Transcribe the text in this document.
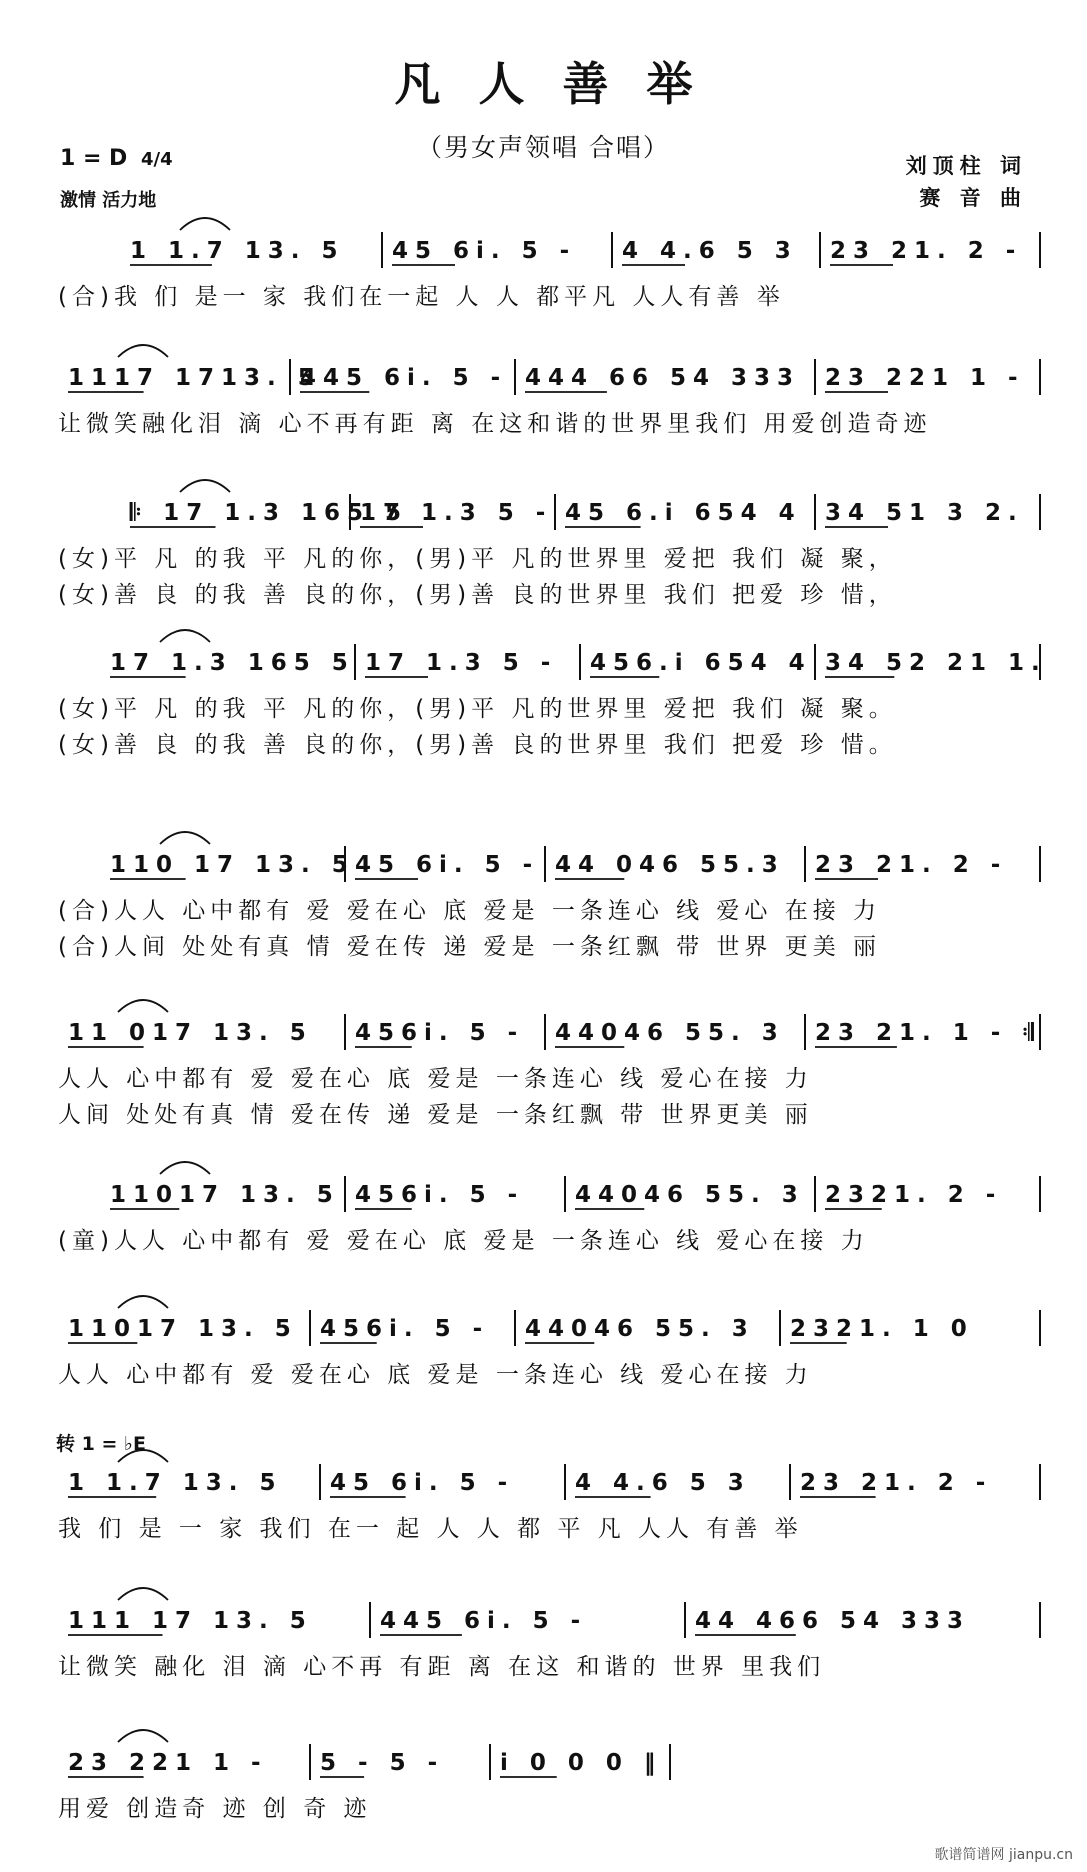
凡人善举
（男女声领唱 合唱）
1 = D 4/4
激情 活力地
刘顶柱 词
赛 音 曲
转 1 = ♭E
1 1.7 13. 5 45 6i. 5 - 4 4.6 5 3 23 21. 2 -
(合)我 们 是一 家 我们在一起 人 人 都平凡 人人有善 举
1117 1713. 5
445 6i. 5 - 444 66 54 333 23 221 1 -
让微笑融化泪 滴 心不再有距 离 在这和谐的世界里我们 用爱创造奇迹
𝄆 17 1.3 165 5
17 1.3 5 - 45 6.i 654 4 34 51 3 2.
(女)平 凡 的我 平 凡的你，(男)平 凡的世界里 爱把 我们 凝 聚，
(女)善 良 的我 善 良的你，(男)善 良的世界里 我们 把爱 珍 惜，
17 1.3 165 5 17 1.3 5 - 456.i 654 4 34 52 21 1.
(女)平 凡 的我 平 凡的你，(男)平 凡的世界里 爱把 我们 凝 聚。
(女)善 良 的我 善 良的你，(男)善 良的世界里 我们 把爱 珍 惜。
110 17 13. 5 45 6i. 5 - 44 046 55.3 23 21. 2 -
(合)人人 心中都有 爱 爱在心 底 爱是 一条连心 线 爱心 在接 力
(合)人间 处处有真 情 爱在传 递 爱是 一条红飘 带 世界 更美 丽
11 017 13. 5 456i. 5 - 44046 55. 3 23 21. 1 - 𝄇
人人 心中都有 爱 爱在心 底 爱是 一条连心 线 爱心在接 力
人间 处处有真 情 爱在传 递 爱是 一条红飘 带 世界更美 丽
11017 13. 5 456i. 5 - 44046 55. 3 2321. 2 -
(童)人人 心中都有 爱 爱在心 底 爱是 一条连心 线 爱心在接 力
11017 13. 5 456i. 5 - 44046 55. 3 2321. 1 0
人人 心中都有 爱 爱在心 底 爱是 一条连心 线 爱心在接 力
1 1.7 13. 5 45 6i. 5 -	4 4.6 5 3 23 21. 2 -
我 们 是 一 家 我们 在一 起 人 人 都 平 凡 人人 有善 举
111 17 13. 5	445 6i. 5 -	44 466 54 333
让微笑 融化 泪 滴 心不再 有距 离 在这 和谐的 世界 里我们
23 221 1 - 5 - 5 - i 0 0 0 ‖
用爱 创造奇 迹 创 奇 迹
歌谱简谱网 jianpu.cn
